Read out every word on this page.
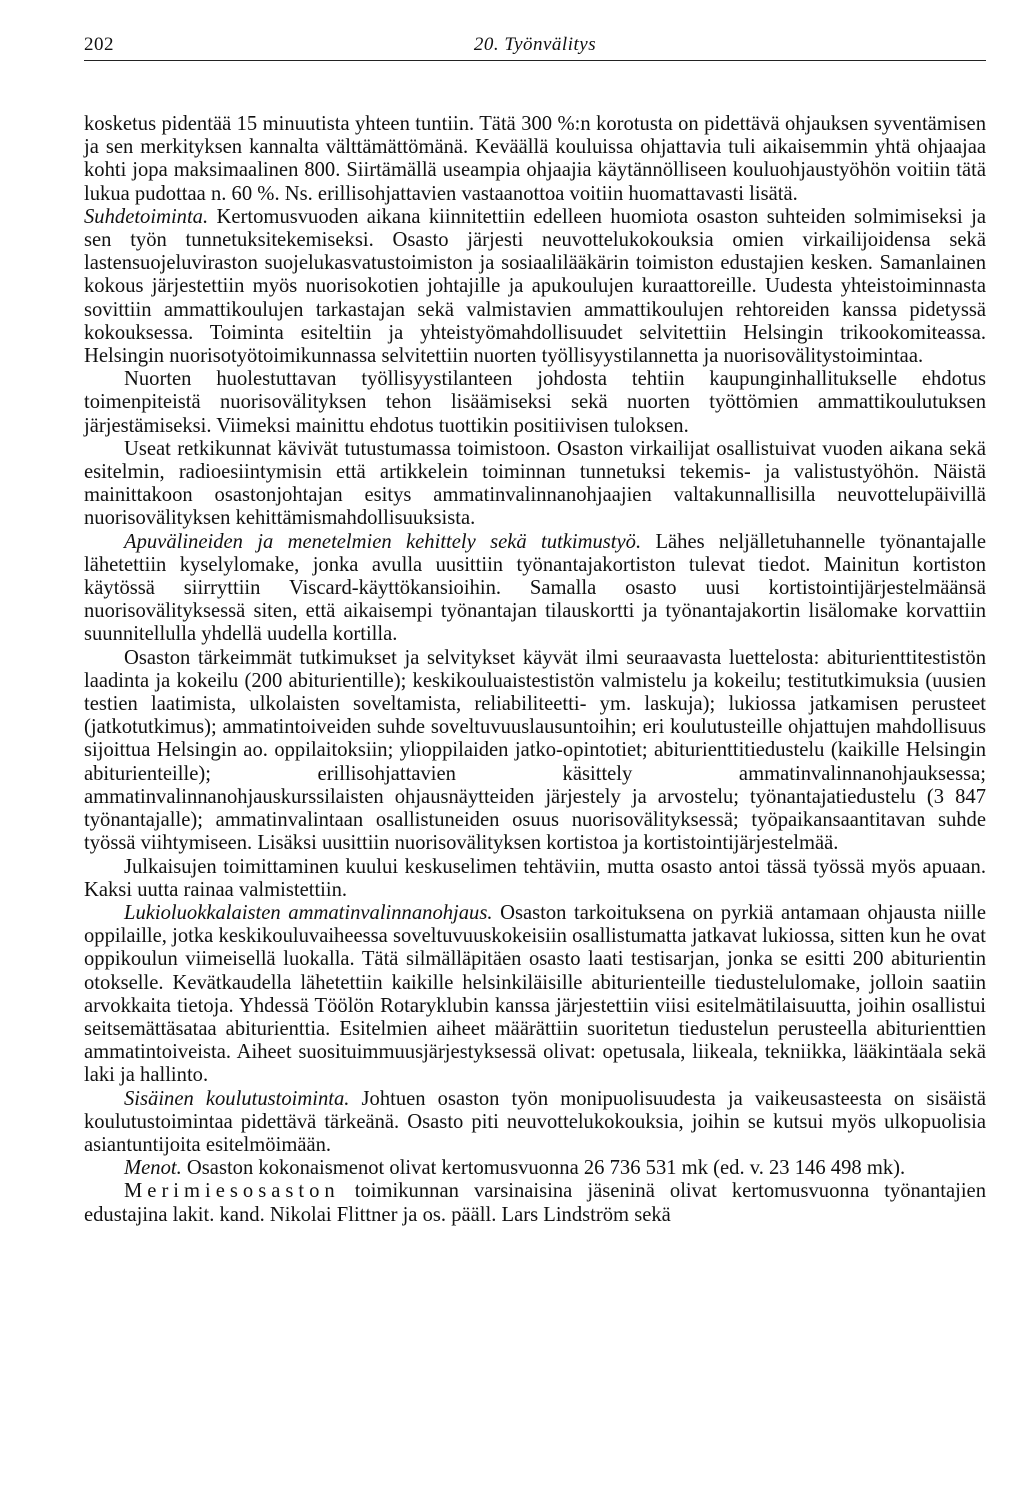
202	20. Työnvälitys

kosketus pidentää 15 minuutista yhteen tuntiin. Tätä 300 %:n korotusta on pidettävä ohjauksen syventämisen ja sen merkityksen kannalta välttämättömänä. Keväällä kouluissa ohjattavia tuli aikaisemmin yhtä ohjaajaa kohti jopa maksimaalinen 800. Siirtämällä useampia ohjaajia käytännölliseen kouluohjaustyöhön voitiin tätä lukua pudottaa n. 60 %. Ns. erillisohjattavien vastaanottoa voitiin huomattavasti lisätä.

Suhdetoiminta. Kertomusvuoden aikana kiinnitettiin edelleen huomiota osaston suhteiden solmimiseksi ja sen työn tunnetuksitekemiseksi. Osasto järjesti neuvottelukokouksia omien virkailijoidensa sekä lastensuojeluviraston suojelukasvatustoimiston ja sosiaalilääkärin toimiston edustajien kesken. Samanlainen kokous järjestettiin myös nuorisokotien johtajille ja apukoulujen kuraattoreille. Uudesta yhteistoiminnasta sovittiin ammattikoulujen tarkastajan sekä valmistavien ammattikoulujen rehtoreiden kanssa pidetyssä kokouksessa. Toiminta esiteltiin ja yhteistyömahdollisuudet selvitettiin Helsingin trikookomiteassa. Helsingin nuorisotyötoimikunnassa selvitettiin nuorten työllisyystilannetta ja nuorisovälitystoimintaa.

Nuorten huolestuttavan työllisyystilanteen johdosta tehtiin kaupunginhallitukselle ehdotus toimenpiteistä nuorisovälityksen tehon lisäämiseksi sekä nuorten työttömien ammattikoulutuksen järjestämiseksi. Viimeksi mainittu ehdotus tuottikin positiivisen tuloksen.

Useat retkikunnat kävivät tutustumassa toimistoon. Osaston virkailijat osallistuivat vuoden aikana sekä esitelmin, radioesiintymisin että artikkelein toiminnan tunnetuksi tekemis- ja valistustyöhön. Näistä mainittakoon osastonjohtajan esitys ammatinvalinnanohjaajien valtakunnallisilla neuvottelupäivillä nuorisovälityksen kehittämismahdollisuuksista.

Apuvälineiden ja menetelmien kehittely sekä tutkimustyö. Lähes neljälletuhannelle työnantajalle lähetettiin kyselylomake, jonka avulla uusittiin työnantajakortiston tulevat tiedot. Mainitun kortiston käytössä siirryttiin Viscard-käyttökansioihin. Samalla osasto uusi kortistointijärjestelmäänsä nuorisovälityksessä siten, että aikaisempi työnantajan tilauskortti ja työnantajakortin lisälomake korvattiin suunnitellulla yhdellä uudella kortilla.

Osaston tärkeimmät tutkimukset ja selvitykset käyvät ilmi seuraavasta luettelosta: abiturienttitestistön laadinta ja kokeilu (200 abiturientille); keskikouluaistestistön valmistelu ja kokeilu; testitutkimuksia (uusien testien laatimista, ulkolaisten soveltamista, reliabiliteetti- ym. laskuja); lukiossa jatkamisen perusteet (jatkotutkimus); ammatintoiveiden suhde soveltuvuuslausuntoihin; eri koulutusteille ohjattujen mahdollisuus sijoittua Helsingin ao. oppilaitoksiin; ylioppilaiden jatko-opintotiet; abiturienttitiedustelu (kaikille Helsingin abiturienteille); erillisohjattavien käsittely ammatinvalinnanohjauksessa; ammatinvalinnanohjauskurssilaisten ohjausnäytteiden järjestely ja arvostelu; työnantajatiedustelu (3 847 työnantajalle); ammatinvalintaan osallistuneiden osuus nuorisovälityksessä; työpaikansaantitavan suhde työssä viihtymiseen. Lisäksi uusittiin nuorisovälityksen kortistoa ja kortistointijärjestelmää.

Julkaisujen toimittaminen kuului keskuselimen tehtäviin, mutta osasto antoi tässä työssä myös apuaan. Kaksi uutta rainaa valmistettiin.

Lukioluokkalaisten ammatinvalinnanohjaus. Osaston tarkoituksena on pyrkiä antamaan ohjausta niille oppilaille, jotka keskikouluvaiheessa soveltuvuuskokeisiin osallistumatta jatkavat lukiossa, sitten kun he ovat oppikoulun viimeisellä luokalla. Tätä silmälläpitäen osasto laati testisarjan, jonka se esitti 200 abiturientin otokselle. Kevätkaudella lähetettiin kaikille helsinkiläisille abiturienteille tiedustelulomake, jolloin saatiin arvokkaita tietoja. Yhdessä Töölön Rotaryklubin kanssa järjestettiin viisi esitelmätilaisuutta, joihin osallistui seitsemättäsataa abiturienttia. Esitelmien aiheet määrättiin suoritetun tiedustelun perusteella abiturienttien ammatintoiveista. Aiheet suosituimmuusjärjestyksessä olivat: opetusala, liikeala, tekniikka, lääkintäala sekä laki ja hallinto.

Sisäinen koulutustoiminta. Johtuen osaston työn monipuolisuudesta ja vaikeusasteesta on sisäistä koulutustoimintaa pidettävä tärkeänä. Osasto piti neuvottelukokouksia, joihin se kutsui myös ulkopuolisia asiantuntijoita esitelmöimään.

Menot. Osaston kokonaismenot olivat kertomusvuonna 26 736 531 mk (ed. v. 23 146 498 mk).

Merimiesosaston toimikunnan varsinaisina jäseninä olivat kertomusvuonna työnantajien edustajina lakit. kand. Nikolai Flittner ja os. pääll. Lars Lindström sekä
